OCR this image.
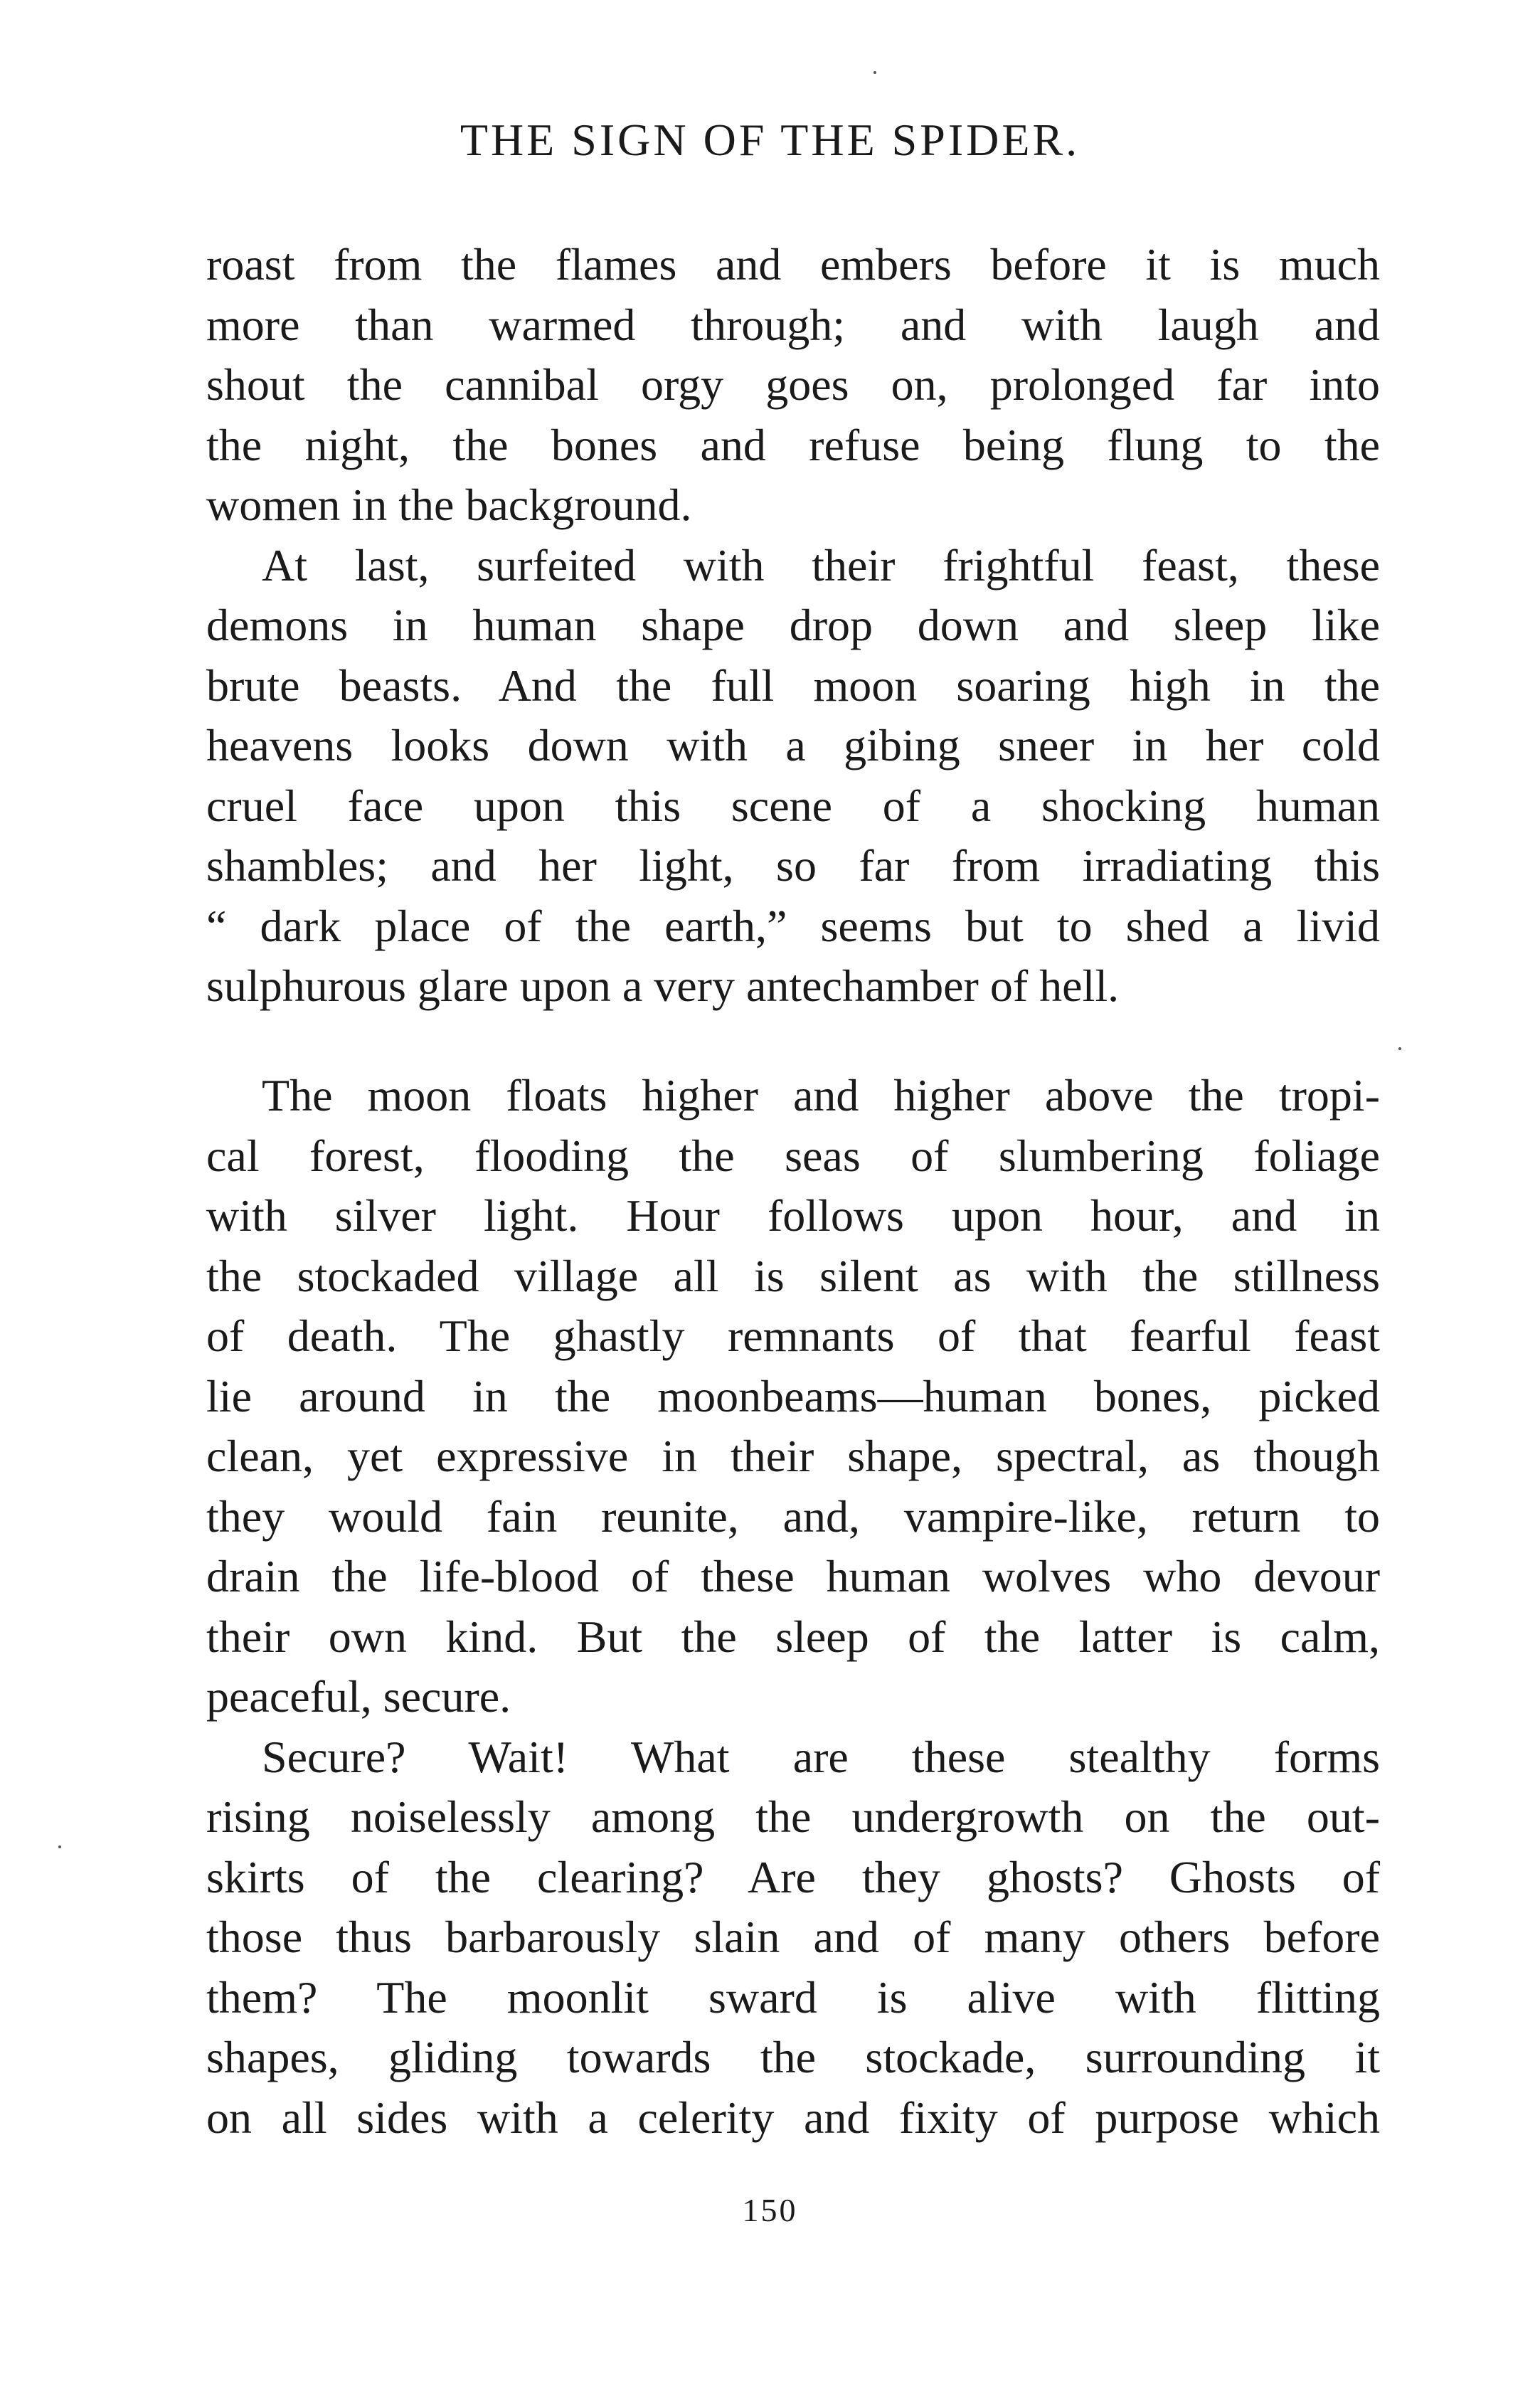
THE SIGN OF THE SPIDER.

roast from the flames and embers before it is much
more than warmed through; and with laugh and
shout the cannibal orgy goes on, prolonged far into
the night, the bones and refuse being flung to the
women in the background.

At last, surfeited with their frightful feast, these
demons in human shape drop down and sleep like
brute beasts. And the full moon soaring high in the
heavens looks down with a gibing sneer in her cold
cruel face upon this scene of a shocking human
shambles; and her light, so far from irradiating this
“ dark place of the earth,” seems but to shed a livid
sulphurous glare upon a very antechamber of hell.

The moon floats higher and higher above the tropi-
cal forest, flooding the seas of slumbering foliage
with silver light. Hour follows upon hour, and in
the stockaded village all is silent as with the stillness
of death. The ghastly remnants of that fearful feast
lie around in the moonbeams—human bones, picked
clean, yet expressive in their shape, spectral, as though
they would fain reunite, and, vampire-like, return to
drain the life-blood of these human wolves who devour
their own kind. But the sleep of the latter is calm,
peaceful, secure.

Secure? Wait! What are these stealthy forms
rising noiselessly among the undergrowth on the out-
skirts of the clearing? Are they ghosts? Ghosts of
those thus barbarously slain and of many others before
them? The moonlit sward is alive with flitting
shapes, gliding towards the stockade, surrounding it
on all sides with a celerity and fixity of purpose which

150
